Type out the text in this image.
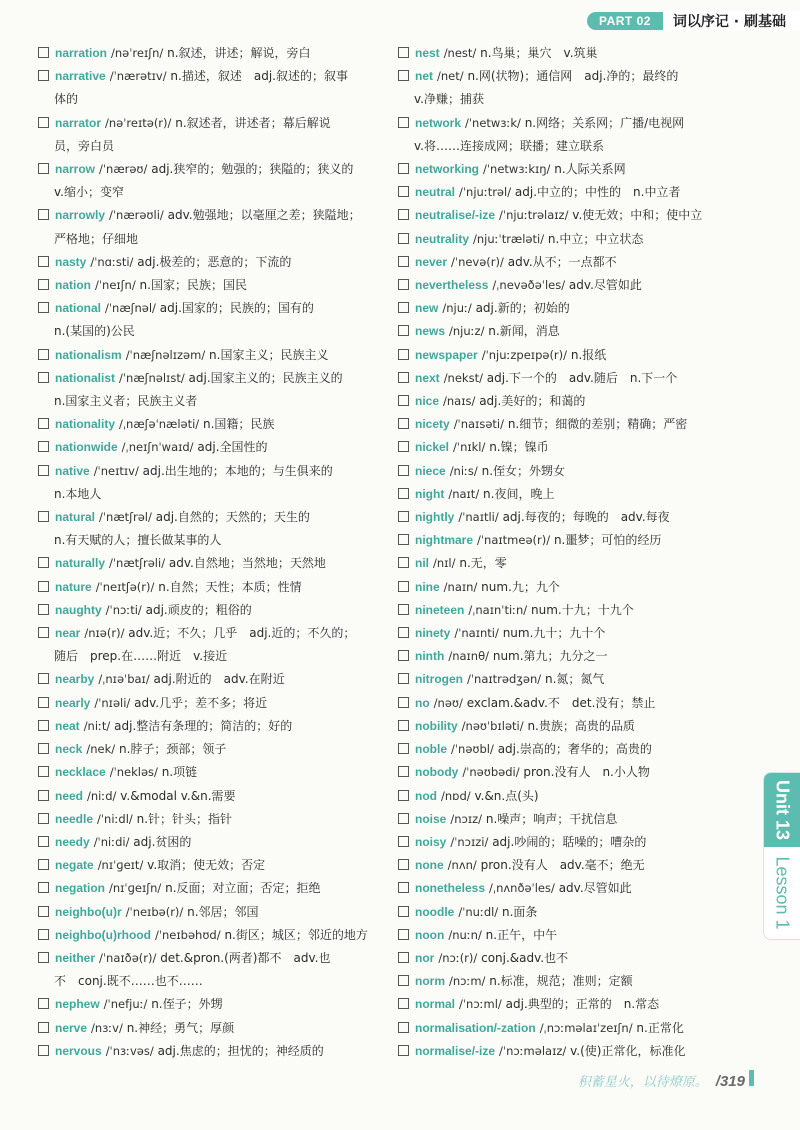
PART 02	词以序记 · 刷基础
narration /nəˈreɪʃn/ n.叙述，讲述；解说，旁白
narrative /ˈnærətɪv/ n.描述，叙述　adj.叙述的；叙事
体的
narrator /nəˈreɪtə(r)/ n.叙述者，讲述者；幕后解说
员，旁白员
narrow /ˈnærəʊ/ adj.狭窄的；勉强的；狭隘的；狭义的
v.缩小；变窄
narrowly /ˈnærəʊli/ adv.勉强地；以毫厘之差；狭隘地；
严格地；仔细地
nasty /ˈnɑːsti/ adj.极差的；恶意的；下流的
nation /ˈneɪʃn/ n.国家；民族；国民
national /ˈnæʃnəl/ adj.国家的；民族的；国有的
n.(某国的)公民
nationalism /ˈnæʃnəlɪzəm/ n.国家主义；民族主义
nationalist /ˈnæʃnəlɪst/ adj.国家主义的；民族主义的
n.国家主义者；民族主义者
nationality /ˌnæʃəˈnæləti/ n.国籍；民族
nationwide /ˌneɪʃnˈwaɪd/ adj.全国性的
native /ˈneɪtɪv/ adj.出生地的；本地的；与生俱来的
n.本地人
natural /ˈnætʃrəl/ adj.自然的；天然的；天生的
n.有天赋的人；擅长做某事的人
naturally /ˈnætʃrəli/ adv.自然地；当然地；天然地
nature /ˈneɪtʃə(r)/ n.自然；天性；本质；性情
naughty /ˈnɔːti/ adj.顽皮的；粗俗的
near /nɪə(r)/ adv.近；不久；几乎　adj.近的；不久的；
随后　prep.在……附近　v.接近
nearby /ˌnɪəˈbaɪ/ adj.附近的　adv.在附近
nearly /ˈnɪəli/ adv.几乎；差不多；将近
neat /niːt/ adj.整洁有条理的；简洁的；好的
neck /nek/ n.脖子；颈部；领子
necklace /ˈnekləs/ n.项链
need /niːd/ v.&modal v.&n.需要
needle /ˈniːdl/ n.针；针头；指针
needy /ˈniːdi/ adj.贫困的
negate /nɪˈɡeɪt/ v.取消；使无效；否定
negation /nɪˈɡeɪʃn/ n.反面；对立面；否定；拒绝
neighbo(u)r /ˈneɪbə(r)/ n.邻居；邻国
neighbo(u)rhood /ˈneɪbəhʊd/ n.街区；城区；邻近的地方
neither /ˈnaɪðə(r)/ det.&pron.(两者)都不　adv.也
不　conj.既不……也不……
nephew /ˈnefjuː/ n.侄子；外甥
nerve /nɜːv/ n.神经；勇气；厚颜
nervous /ˈnɜːvəs/ adj.焦虑的；担忧的；神经质的
nest /nest/ n.鸟巢；巢穴　v.筑巢
net /net/ n.网(状物)；通信网　adj.净的；最终的
v.净赚；捕获
network /ˈnetwɜːk/ n.网络；关系网；广播/电视网
v.将……连接成网；联播；建立联系
networking /ˈnetwɜːkɪŋ/ n.人际关系网
neutral /ˈnjuːtrəl/ adj.中立的；中性的　n.中立者
neutralise/-ize /ˈnjuːtrəlaɪz/ v.使无效；中和；使中立
neutrality /njuːˈtræləti/ n.中立；中立状态
never /ˈnevə(r)/ adv.从不；一点都不
nevertheless /ˌnevəðəˈles/ adv.尽管如此
new /njuː/ adj.新的；初始的
news /njuːz/ n.新闻，消息
newspaper /ˈnjuːzpeɪpə(r)/ n.报纸
next /nekst/ adj.下一个的　adv.随后　n.下一个
nice /naɪs/ adj.美好的；和蔼的
nicety /ˈnaɪsəti/ n.细节；细微的差别；精确；严密
nickel /ˈnɪkl/ n.镍；镍币
niece /niːs/ n.侄女；外甥女
night /naɪt/ n.夜间，晚上
nightly /ˈnaɪtli/ adj.每夜的；每晚的　adv.每夜
nightmare /ˈnaɪtmeə(r)/ n.噩梦；可怕的经历
nil /nɪl/ n.无，零
nine /naɪn/ num.九；九个
nineteen /ˌnaɪnˈtiːn/ num.十九；十九个
ninety /ˈnaɪnti/ num.九十；九十个
ninth /naɪnθ/ num.第九；九分之一
nitrogen /ˈnaɪtrədʒən/ n.氮；氮气
no /nəʊ/ exclam.&adv.不　det.没有；禁止
nobility /nəʊˈbɪləti/ n.贵族；高贵的品质
noble /ˈnəʊbl/ adj.崇高的；奢华的；高贵的
nobody /ˈnəʊbədi/ pron.没有人　n.小人物
nod /nɒd/ v.&n.点(头)
noise /nɔɪz/ n.噪声；响声；干扰信息
noisy /ˈnɔɪzi/ adj.吵闹的；聒噪的；嘈杂的
none /nʌn/ pron.没有人　adv.毫不；绝无
nonetheless /ˌnʌnðəˈles/ adv.尽管如此
noodle /ˈnuːdl/ n.面条
noon /nuːn/ n.正午，中午
nor /nɔː(r)/ conj.&adv.也不
norm /nɔːm/ n.标准，规范；准则；定额
normal /ˈnɔːml/ adj.典型的；正常的　n.常态
normalisation/-zation /ˌnɔːməlaɪˈzeɪʃn/ n.正常化
normalise/-ize /ˈnɔːməlaɪz/ v.(使)正常化，标准化
Unit 13
Lesson 1
积蓄星火，以待燎原。 /319
